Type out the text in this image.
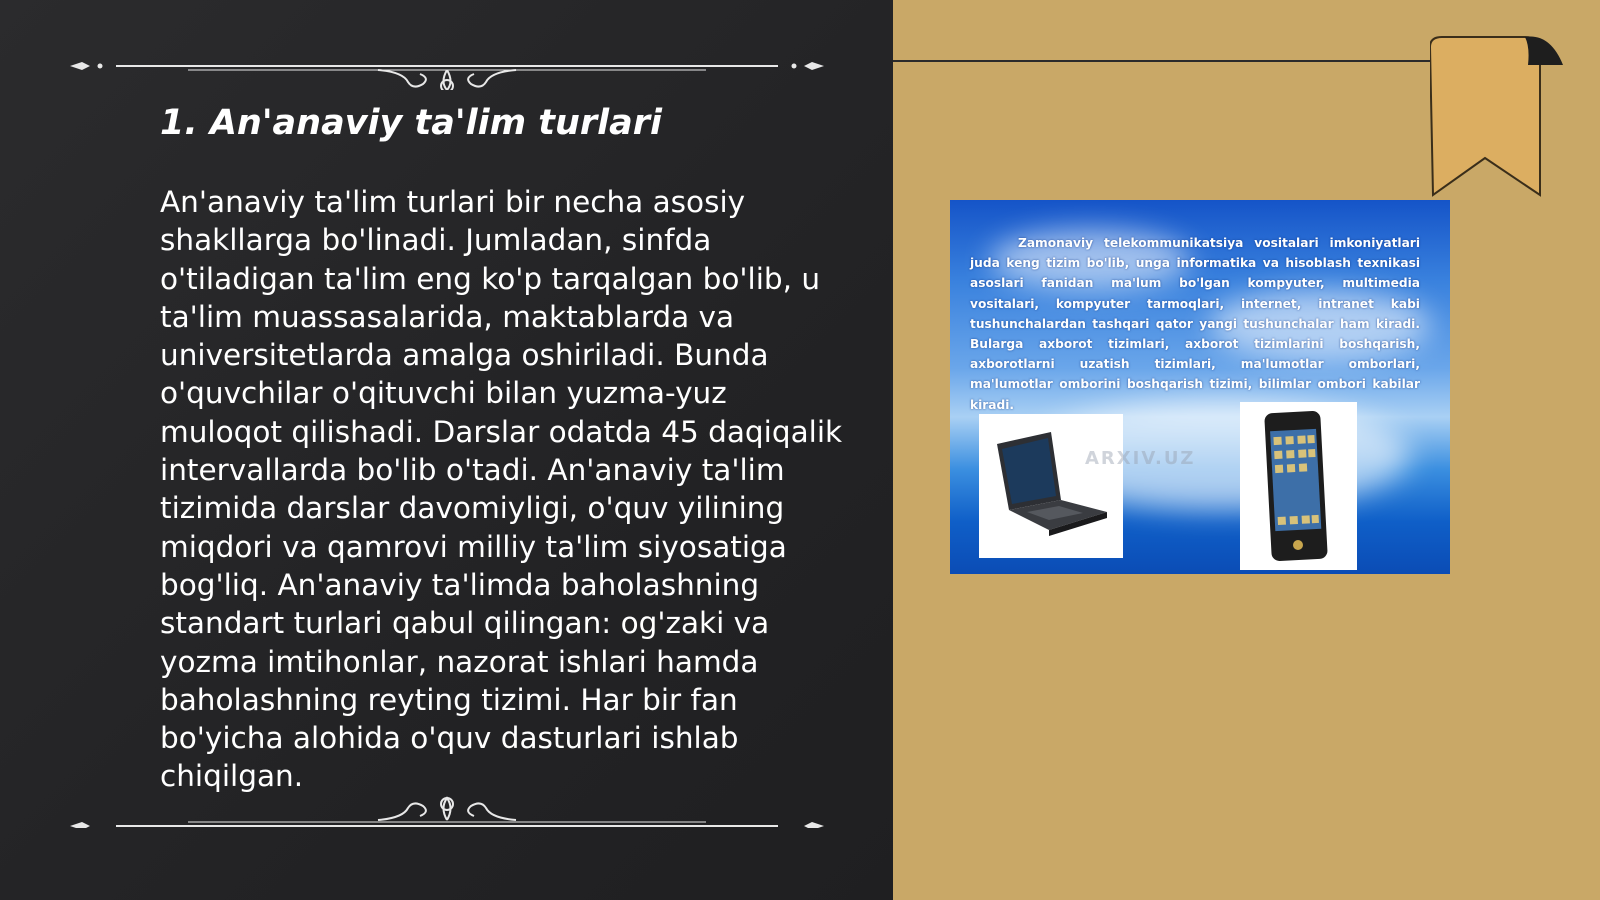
1. An'anaviy ta'lim turlari

An'anaviy ta'lim turlari bir necha asosiy shakllarga bo'linadi. Jumladan, sinfda o'tiladigan ta'lim eng ko'p tarqalgan bo'lib, u ta'lim muassasalarida, maktablarda va universitetlarda amalga oshiriladi. Bunda o'quvchilar o'qituvchi bilan yuzma-yuz muloqot qilishadi. Darslar odatda 45 daqiqalik intervallarda bo'lib o'tadi. An'anaviy ta'lim tizimida darslar davomiyligi, o'quv yilining miqdori va qamrovi milliy ta'lim siyosatiga bog'liq. An'anaviy ta'limda baholashning standart turlari qabul qilingan: og'zaki va yozma imtihonlar, nazorat ishlari hamda baholashning reyting tizimi. Har bir fan bo'yicha alohida o'quv dasturlari ishlab chiqilgan.

Zamonaviy telekommunikatsiya vositalari imkoniyatlari juda keng tizim bo'lib, unga informatika va hisoblash texnikasi asoslari fanidan ma'lum bo'lgan kompyuter, multimedia vositalari, kompyuter tarmoqlari, internet, intranet kabi tushunchalardan tashqari qator yangi tushunchalar ham kiradi. Bularga axborot tizimlari, axborot tizimlarini boshqarish, axborotlarni uzatish tizimlari, ma'lumotlar omborlari, ma'lumotlar omborini boshqarish tizimi, bilimlar ombori kabilar kiradi.

ARXIV.UZ
